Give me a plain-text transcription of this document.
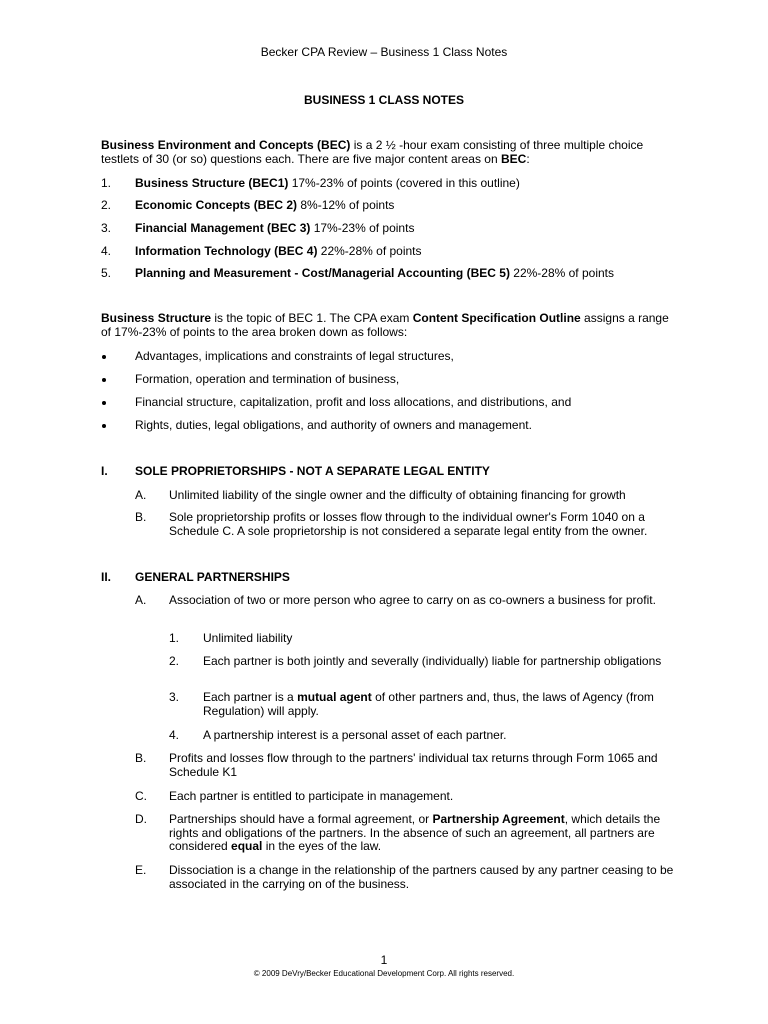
Becker CPA Review – Business 1 Class Notes
BUSINESS 1 CLASS NOTES
Business Environment and Concepts (BEC) is a 2 ½ -hour exam consisting of three multiple choice testlets of 30 (or so) questions each. There are five major content areas on BEC:
1. Business Structure (BEC1) 17%-23% of points (covered in this outline)
2. Economic Concepts (BEC 2) 8%-12% of points
3. Financial Management (BEC 3) 17%-23% of points
4. Information Technology (BEC 4) 22%-28% of points
5. Planning and Measurement - Cost/Managerial Accounting (BEC 5) 22%-28% of points
Business Structure is the topic of BEC 1. The CPA exam Content Specification Outline assigns a range of 17%-23% of points to the area broken down as follows:
Advantages, implications and constraints of legal structures,
Formation, operation and termination of business,
Financial structure, capitalization, profit and loss allocations, and distributions, and
Rights, duties, legal obligations, and authority of owners and management.
I. SOLE PROPRIETORSHIPS - NOT A SEPARATE LEGAL ENTITY
A. Unlimited liability of the single owner and the difficulty of obtaining financing for growth
B. Sole proprietorship profits or losses flow through to the individual owner's Form 1040 on a Schedule C. A sole proprietorship is not considered a separate legal entity from the owner.
II. GENERAL PARTNERSHIPS
A. Association of two or more person who agree to carry on as co-owners a business for profit.
1. Unlimited liability
2. Each partner is both jointly and severally (individually) liable for partnership obligations
3. Each partner is a mutual agent of other partners and, thus, the laws of Agency (from Regulation) will apply.
4. A partnership interest is a personal asset of each partner.
B. Profits and losses flow through to the partners' individual tax returns through Form 1065 and Schedule K1
C. Each partner is entitled to participate in management.
D. Partnerships should have a formal agreement, or Partnership Agreement, which details the rights and obligations of the partners. In the absence of such an agreement, all partners are considered equal in the eyes of the law.
E. Dissociation is a change in the relationship of the partners caused by any partner ceasing to be associated in the carrying on of the business.
1
© 2009 DeVry/Becker Educational Development Corp. All rights reserved.
